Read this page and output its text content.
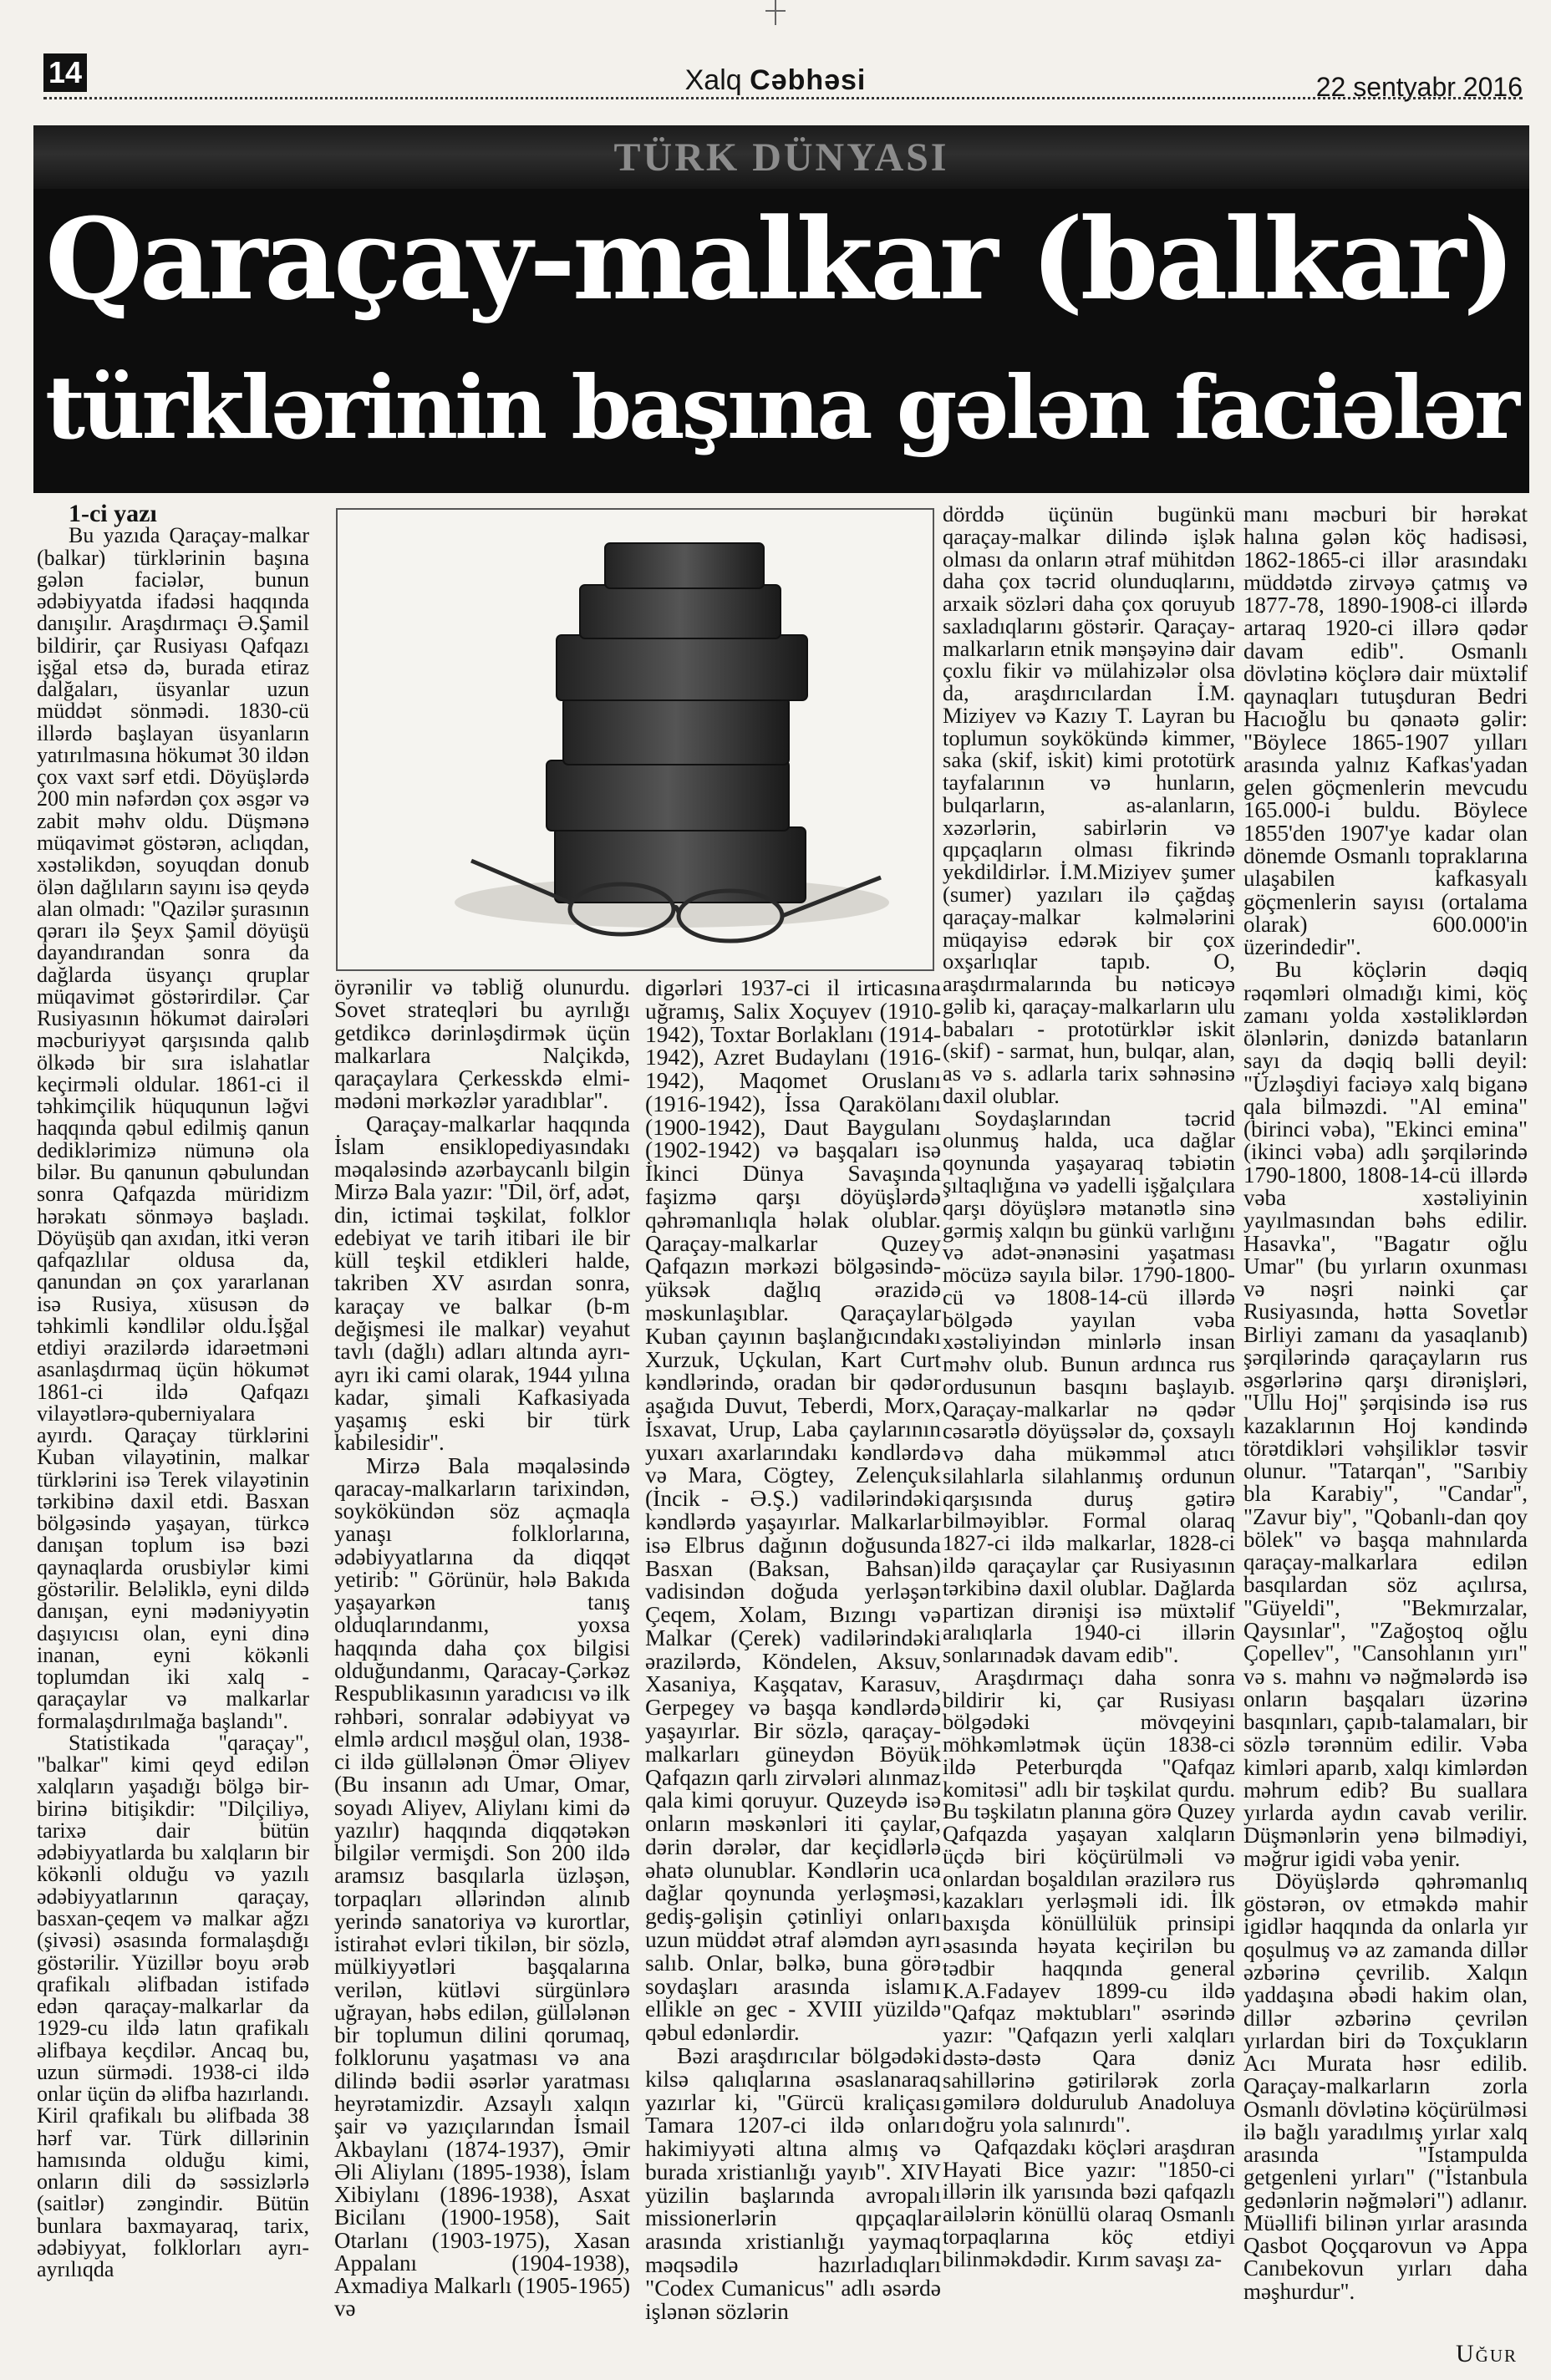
14	Xalq Cəbhəsi	22 sentyabr 2016
TÜRK DÜNYASI
Qaraçay-malkar (balkar)
türklərinin başına gələn faciələr

1-ci yazı

Bu yazıda Qaraçay-malkar (balkar) türklərinin başına gələn faciələr, bunun ədəbiyyatda ifadəsi haqqında danışılır. Araşdırmaçı Ə.Şamil bildirir, çar Rusiyası Qafqazı işğal etsə də, burada etiraz dalğaları, üsyanlar uzun müddət sönmədi. 1830-cü illərdə başlayan üsyanların yatırılmasına hökumət 30 ildən çox vaxt sərf etdi. Döyüşlərdə 200 min nəfərdən çox əsgər və zabit məhv oldu. Düşmənə müqavimət göstərən, aclıqdan, xəstəlikdən, soyuqdan donub ölən dağlıların sayını isə qeydə alan olmadı: "Qazilər şurasının qərarı ilə Şeyx Şamil döyüşü dayandırandan sonra da dağlarda üsyançı qruplar müqavimət göstərirdilər. Çar Rusiyasının hökumət dairələri məcburiyyət qarşısında qalıb ölkədə bir sıra islahatlar keçirməli oldular. 1861-ci il təhkimçilik hüququnun ləğvi haqqında qəbul edilmiş qanun dediklərimizə nümunə ola bilər. Bu qanunun qəbulundan sonra Qafqazda müridizm hərəkatı sönməyə başladı. Döyüşüb qan axıdan, itki verən qafqazlılar oldusa da, qanundan ən çox yararlanan isə Rusiya, xüsusən də təhkimli kəndlilər oldu.İşğal etdiyi ərazilərdə idarəetməni asanlaşdırmaq üçün hökumət 1861-ci ildə Qafqazı vilayətlərə-quberniyalara ayırdı. Qaraçay türklərini Kuban vilayətinin, malkar türklərini isə Terek vilayətinin tərkibinə daxil etdi. Basxan bölgəsində yaşayan, türkcə danışan toplum isə bəzi qaynaqlarda orusbiylər kimi göstərilir. Beləliklə, eyni dildə danışan, eyni mədəniyyətin daşıyıcısı olan, eyni dinə inanan, eyni kökənli toplumdan iki xalq - qaraçaylar və malkarlar formalaşdırılmağa başlandı".

Statistikada "qaraçay", "balkar" kimi qeyd edilən xalqların yaşadığı bölgə bir-birinə bitişikdir: "Dilçiliyə, tarixə dair bütün ədəbiyyatlarda bu xalqların bir kökənli olduğu və yazılı ədəbiyyatlarının qaraçay, basxan-çeqem və malkar ağzı (şivəsi) əsasında formalaşdığı göstərilir. Yüzillər boyu ərəb qrafikalı əlifbadan istifadə edən qaraçay-malkarlar da 1929-cu ildə latın qrafikalı əlifbaya keçdilər. Ancaq bu, uzun sürmədi. 1938-ci ildə onlar üçün də əlifba hazırlandı. Kiril qrafikalı bu əlifbada 38 hərf var. Türk dillərinin hamısında olduğu kimi, onların dili də səssizlərlə (saitlər) zəngindir. Bütün bunlara baxmayaraq, tarix, ədəbiyyat, folklorları ayrı-ayrılıqda

öyrənilir və təbliğ olunurdu. Sovet strateqləri bu ayrılığı getdikcə dərinləşdirmək üçün malkarlara Nalçikdə, qaraçaylara Çerkesskdə elmi-mədəni mərkəzlər yaradıblar".

Qaraçay-malkarlar haqqında İslam ensiklopediyasındakı məqaləsində azərbaycanlı bilgin Mirzə Bala yazır: "Dil, örf, adət, din, ictimai təşkilat, folklor edebiyat ve tarih itibari ile bir küll teşkil etdikleri halde, takriben XV asırdan sonra, karaçay ve balkar (b-m değişmesi ile malkar) veyahut tavlı (dağlı) adları altında ayrı-ayrı iki cami olarak, 1944 yılına kadar, şimali Kafkasiyada yaşamış eski bir türk kabilesidir".

Mirzə Bala məqaləsində qaracay-malkarların tarixindən, soykökündən söz açmaqla yanaşı folklorlarına, ədəbiyyatlarına da diqqət yetirib: " Görünür, hələ Bakıda yaşayarkən tanış olduqlarındanmı, yoxsa haqqında daha çox bilgisi olduğundanmı, Qaracay-Çərkəz Respublikasının yaradıcısı və ilk rəhbəri, sonralar ədəbiyyat və elmlə ardıcıl məşğul olan, 1938-ci ildə güllələnən Ömər Əliyev (Bu insanın adı Umar, Omar, soyadı Aliyev, Aliylanı kimi də yazılır) haqqında diqqətəkən bilgilər vermişdi. Son 200 ildə aramsız basqılarla üzləşən, torpaqları əllərindən alınıb yerində sanatoriya və kurortlar, istirahət evləri tikilən, bir sözlə, mülkiyyətləri başqalarına verilən, kütləvi sürgünlərə uğrayan, həbs edilən, güllələnən bir toplumun dilini qorumaq, folklorunu yaşatması və ana dilində bədii əsərlər yaratması heyrətamizdir. Azsaylı xalqın şair və yazıçılarından İsmail Akbaylanı (1874-1937), Əmir Əli Aliylanı (1895-1938), İslam Xibiylanı (1896-1938), Asxat Bicilanı (1900-1958), Sait Otarlanı (1903-1975), Xasan Appalanı (1904-1938), Axmadiya Malkarlı (1905-1965) və

digərləri 1937-ci il irticasına uğramış, Salix Xoçuyev (1910-1942), Toxtar Borlaklanı (1914-1942), Azret Budaylanı (1916-1942), Maqomet Oruslanı (1916-1942), İssa Qarakölanı (1900-1942), Daut Baygulanı (1902-1942) və başqaları isə İkinci Dünya Savaşında faşizmə qarşı döyüşlərdə qəhrəmanlıqla həlak olublar. Qaraçay-malkarlar Quzey Qafqazın mərkəzi bölgəsində-yüksək dağlıq ərazidə məskunlaşıblar. Qaraçaylar Kuban çayının başlanğıcındakı Xurzuk, Uçkulan, Kart Curt kəndlərində, oradan bir qədər aşağıda Duvut, Teberdi, Morx, İsxavat, Urup, Laba çaylarının yuxarı axarlarındakı kəndlərdə və Mara, Cögtey, Zelençuk (İncik - Ə.Ş.) vadilərindəki kəndlərdə yaşayırlar. Malkarlar isə Elbrus dağının doğusunda Basxan (Baksan, Bahsan) vadisindən doğuda yerləşən Çeqem, Xolam, Bızıngı və Malkar (Çerek) vadilərindəki ərazilərdə, Köndelen, Aksuv, Xasaniya, Kaşqatav, Karasuv, Gerpegey və başqa kəndlərdə yaşayırlar. Bir sözlə, qaraçay-malkarları güneydən Böyük Qafqazın qarlı zirvələri alınmaz qala kimi qoruyur. Quzeydə isə onların məskənləri iti çaylar, dərin dərələr, dar keçidlərlə əhatə olunublar. Kəndlərin uca dağlar qoynunda yerləşməsi, gediş-gəlişin çətinliyi onları uzun müddət ətraf aləmdən ayrı salıb. Onlar, bəlkə, buna görə soydaşları arasında islamı ellikle ən gec - XVIII yüzildə qəbul edənlərdir.

Bəzi araşdırıcılar bölgədəki kilsə qalıqlarına əsaslanaraq yazırlar ki, "Gürcü kraliçası Tamara 1207-ci ildə onları hakimiyyəti altına almış və burada xristianlığı yayıb". XIV yüzilin başlarında avropalı missionerlərin qıpçaqlar arasında xristianlığı yaymaq məqsədilə hazırladıqları "Codex Cumanicus" adlı əsərdə işlənən sözlərin

dörddə üçünün bugünkü qaraçay-malkar dilində işlək olması da onların ətraf mühitdən daha çox təcrid olunduqlarını, arxaik sözləri daha çox qoruyub saxladıqlarını göstərir. Qaraçay-malkarların etnik mənşəyinə dair çoxlu fikir və mülahizələr olsa da, araşdırıcılardan İ.M. Miziyev və Kazıy T. Layran bu toplumun soykökündə kimmer, saka (skif, iskit) kimi prototürk tayfalarının və hunların, bulqarların, as-alanların, xəzərlərin, sabirlərin və qıpçaqların olması fikrində yekdildirlər. İ.M.Miziyev şumer (sumer) yazıları ilə çağdaş qaraçay-malkar kəlmələrini müqayisə edərək bir çox oxşarlıqlar tapıb. O, araşdırmalarında bu nəticəyə gəlib ki, qaraçay-malkarların ulu babaları - prototürklər iskit (skif) - sarmat, hun, bulqar, alan, as və s. adlarla tarix səhnəsinə daxil olublar.

Soydaşlarından təcrid olunmuş halda, uca dağlar qoynunda yaşayaraq təbiətin şıltaqlığına və yadelli işğalçılara qarşı döyüşlərə mətanətlə sinə gərmiş xalqın bu günkü varlığını və adət-ənənəsini yaşatması möcüzə sayıla bilər. 1790-1800-cü və 1808-14-cü illərdə bölgədə yayılan vəba xəstəliyindən minlərlə insan məhv olub. Bunun ardınca rus ordusunun basqını başlayıb. Qaraçay-malkarlar nə qədər cəsarətlə döyüşsələr də, çoxsaylı və daha mükəmməl atıcı silahlarla silahlanmış ordunun qarşısında duruş gətirə bilməyiblər. Formal olaraq 1827-ci ildə malkarlar, 1828-ci ildə qaraçaylar çar Rusiyasının tərkibinə daxil olublar. Dağlarda partizan dirənişi isə müxtəlif aralıqlarla 1940-ci illərin sonlarınadək davam edib".

Araşdırmaçı daha sonra bildirir ki, çar Rusiyası bölgədəki mövqeyini möhkəmlətmək üçün 1838-ci ildə Peterburqda "Qafqaz komitəsi" adlı bir təşkilat qurdu. Bu təşkilatın planına görə Quzey Qafqazda yaşayan xalqların üçdə biri köçürülməli və onlardan boşaldılan ərazilərə rus kazakları yerləşməli idi. İlk baxışda könüllülük prinsipi əsasında həyata keçirilən bu tədbir haqqında general K.A.Fadayev 1899-cu ildə "Qafqaz məktubları" əsərində yazır: "Qafqazın yerli xalqları dəstə-dəstə Qara dəniz sahillərinə gətirilərək zorla gəmilərə doldurulub Anadoluya doğru yola salınırdı".

Qafqazdakı köçləri araşdıran Hayati Bice yazır: "1850-ci illərin ilk yarısında bəzi qafqazlı ailələrin könüllü olaraq Osmanlı torpaqlarına köç etdiyi bilinməkdədir. Kırım savaşı za-

manı məcburi bir hərəkat halına gələn köç hadisəsi, 1862-1865-ci illər arasındakı müddətdə zirvəyə çatmış və 1877-78, 1890-1908-ci illərdə artaraq 1920-ci illərə qədər davam edib". Osmanlı dövlətinə köçlərə dair müxtəlif qaynaqları tutuşduran Bedri Hacıoğlu bu qənaətə gəlir: "Böylece 1865-1907 yılları arasında yalnız Kafkas'yadan gelen göçmenlerin mevcudu 165.000-i buldu. Böylece 1855'den 1907'ye kadar olan dönemde Osmanlı topraklarına ulaşabilen kafkasyalı göçmenlerin sayısı (ortalama olarak) 600.000'in üzerindedir".

Bu köçlərin dəqiq rəqəmləri olmadığı kimi, köç zamanı yolda xəstəliklərdən ölənlərin, dənizdə batanların sayı da dəqiq bəlli deyil: "Üzləşdiyi faciəyə xalq biganə qala bilməzdi. "Al emina" (birinci vəba), "Ekinci emina" (ikinci vəba) adlı şərqilərində 1790-1800, 1808-14-cü illərdə vəba xəstəliyinin yayılmasından bəhs edilir. Hasavka", "Bagatır oğlu Umar" (bu yırların oxunması və nəşri nəinki çar Rusiyasında, hətta Sovetlər Birliyi zamanı da yasaqlanıb) şərqilərində qaraçayların rus əsgərlərinə qarşı dirənişləri, "Ullu Hoj" şərqisində isə rus kazaklarının Hoj kəndində törətdikləri vəhşiliklər təsvir olunur. "Tatarqan", "Sarıbiy bla Karabiy", "Candar", "Zavur biy", "Qobanlı-dan qoy bölek" və başqa mahnılarda qaraçay-malkarlara edilən basqılardan söz açılırsa, "Güyeldi", "Bekmırzalar, Qaysınlar", "Zağoştoq oğlu Çopellev", "Cansohlanın yırı" və s. mahnı və nəğmələrdə isə onların başqaları üzərinə basqınları, çapıb-talamaları, bir sözlə tərənnüm edilir. Vəba kimləri aparıb, xalqı kimlərdən məhrum edib? Bu suallara yırlarda aydın cavab verilir. Düşmənlərin yenə bilmədiyi, məğrur igidi vəba yenir.

Döyüşlərdə qəhrəmanlıq göstərən, ov etməkdə mahir igidlər haqqında da onlarla yır qoşulmuş və az zamanda dillər əzbərinə çevrilib. Xalqın yaddaşına əbədi hakim olan, dillər əzbərinə çevrilən yırlardan biri də Toxçukların Acı Murata həsr edilib. Qaraçay-malkarların zorla Osmanlı dövlətinə köçürülməsi ilə bağlı yaradılmış yırlar xalq arasında "İstampulda getgenleni yırları" ("İstanbula gedənlərin nəğmələri") adlanır. Müəllifi bilinən yırlar arasında Qasbot Qoçqarovun və Appa Canıbekovun yırları daha məşhurdur".

Uğur
